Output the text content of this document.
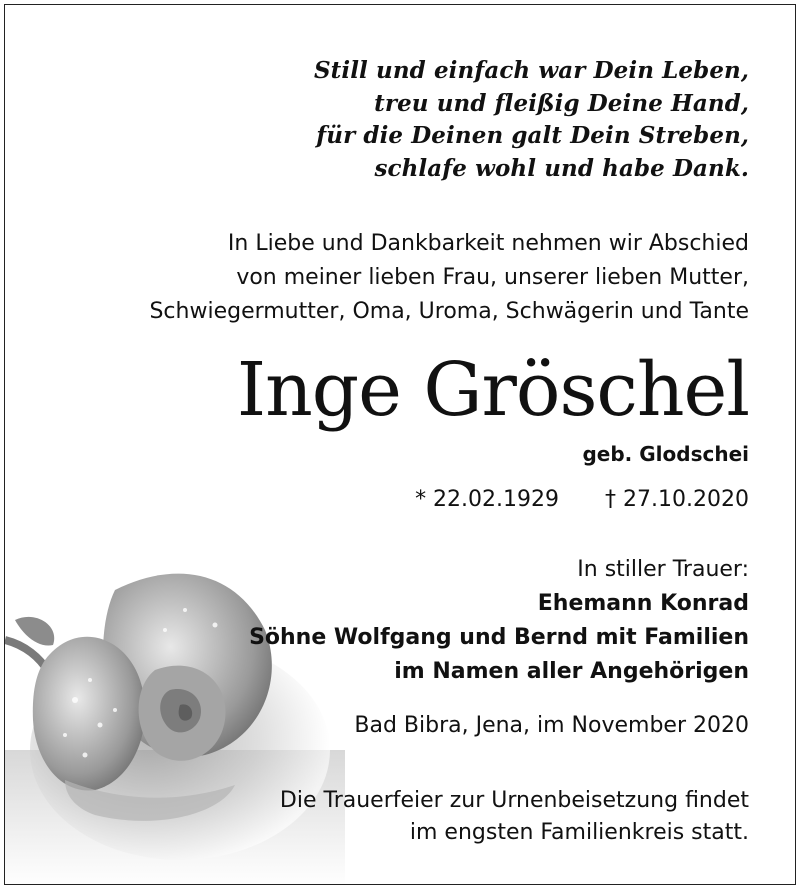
Still und einfach war Dein Leben,
treu und fleißig Deine Hand,
für die Deinen galt Dein Streben,
schlafe wohl und habe Dank.
In Liebe und Dankbarkeit nehmen wir Abschied
von meiner lieben Frau, unserer lieben Mutter,
Schwiegermutter, Oma, Uroma, Schwägerin und Tante
Inge Gröschel
geb. Glodschei
* 22.02.1929 † 27.10.2020
In stiller Trauer:
Ehemann Konrad
Söhne Wolfgang und Bernd mit Familien
im Namen aller Angehörigen
Bad Bibra, Jena, im November 2020
Die Trauerfeier zur Urnenbeisetzung findet
im engsten Familienkreis statt.
